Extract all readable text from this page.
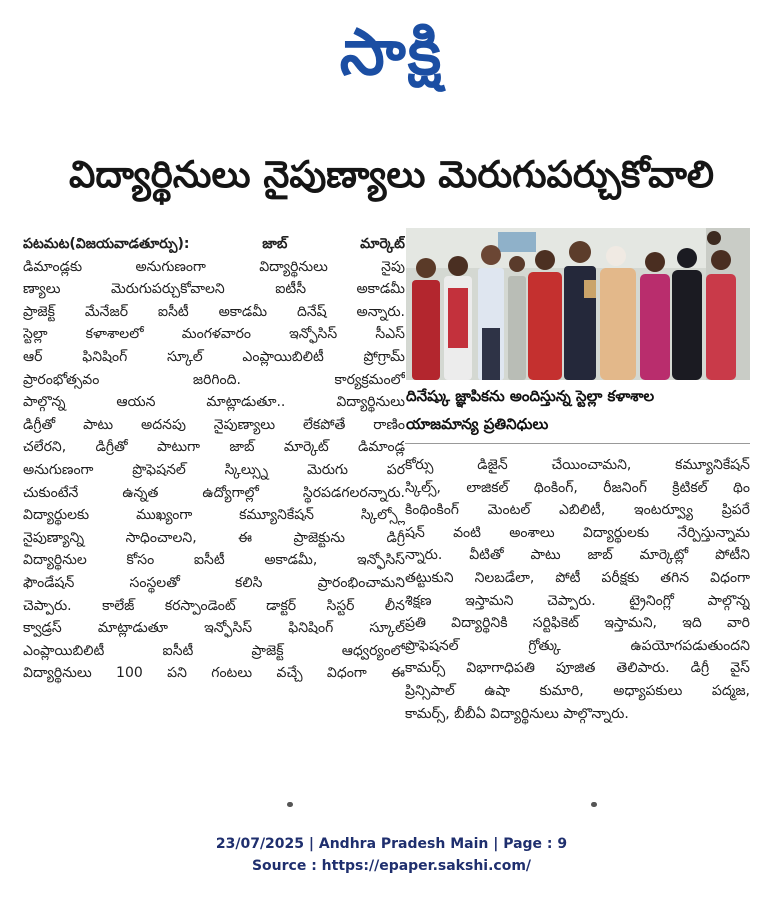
సాక్షి
విద్యార్థినులు నైపుణ్యాలు మెరుగుపర్చుకోవాలి

పటమట(విజయవాడతూర్పు): జాబ్ మార్కెట్

డిమాండ్లకు అనుగుణంగా విద్యార్థినులు నైపు

ణ్యాలు మెరుగుపర్చుకోవాలని ఐటీసీ అకాడమీ

ప్రాజెక్ట్ మేనేజర్ ఐసీటీ అకాడమీ దినేష్ అన్నారు.

స్టెల్లా కళాశాలలో మంగళవారం ఇన్ఫోసిస్ సీఎస్

ఆర్ ఫినిషింగ్ స్కూల్ ఎంప్లాయిబిలిటీ ప్రోగ్రామ్

ప్రారంభోత్సవం జరిగింది. కార్యక్రమంలో

పాల్గొన్న ఆయన మాట్లాడుతూ.. విద్యార్థినులు

డిగ్రీతో పాటు అదనపు నైపుణ్యాలు లేకపోతే రాణిం

చలేరని, డిగ్రీతో పాటుగా జాబ్ మార్కెట్ డిమాండ్ల

అనుగుణంగా ప్రొఫెషనల్ స్కిల్స్ను మెరుగు పర

చుకుంటేనే ఉన్నత ఉద్యోగాల్లో స్థిరపడగలరన్నారు.

విద్యార్థులకు ముఖ్యంగా కమ్యూనికేషన్ స్కిల్స్లో

నైపుణ్యాన్ని సాధించాలని, ఈ ప్రాజెక్టును డిగ్రీ

విద్యార్థినుల కోసం ఐసీటీ అకాడమీ, ఇన్ఫోసిస్

ఫౌండేషన్ సంస్థలతో కలిసి ప్రారంభించామని

చెప్పారు. కాలేజ్ కరస్పాండెంట్ డాక్టర్ సిస్టర్ లీన

క్వాడ్రస్ మాట్లాడుతూ ఇన్ఫోసిస్ ఫినిషింగ్ స్కూల్

ఎంప్లాయిబిలిటీ ఐసీటీ ప్రాజెక్ట్ ఆధ్వర్యంలో

విద్యార్థినులు 100 పని గంటలు వచ్చే విధంగా ఈ

దినేష్కు జ్ఞాపికను అందిస్తున్న స్టెల్లా కళాశాల
యాజమాన్య ప్రతినిధులు

కోర్సు డిజైన్ చేయించామని, కమ్యూనికేషన్

స్కిల్స్, లాజికల్ థింకింగ్, రీజనింగ్ క్రిటికల్ థిం

కింథింకింగ్ మెంటల్ ఎబిలిటీ, ఇంటర్వ్యూ ప్రిపరే

షన్ వంటి అంశాలు విద్యార్థులకు నేర్పిస్తున్నామ

న్నారు. వీటితో పాటు జాబ్ మార్కెట్లో పోటీని

తట్టుకుని నిలబడేలా, పోటీ పరీక్షకు తగిన విధంగా

శిక్షణ ఇస్తామని చెప్పారు. ట్రైనింగ్లో పాల్గొన్న

ప్రతి విద్యార్థినికి సర్టిఫికెట్ ఇస్తామని, ఇది వారి

ప్రొఫెషనల్ గ్రోత్కు ఉపయోగపడుతుందని

కామర్స్ విభాగాధిపతి పూజిత తెలిపారు. డిగ్రీ వైస్

ప్రిన్సిపాల్ ఉషా కుమారి, అధ్యాపకులు పద్మజ,

కామర్స్, బీబీఏ విద్యార్థినులు పాల్గొన్నారు.

23/07/2025 | Andhra Pradesh Main | Page : 9
Source : https://epaper.sakshi.com/
